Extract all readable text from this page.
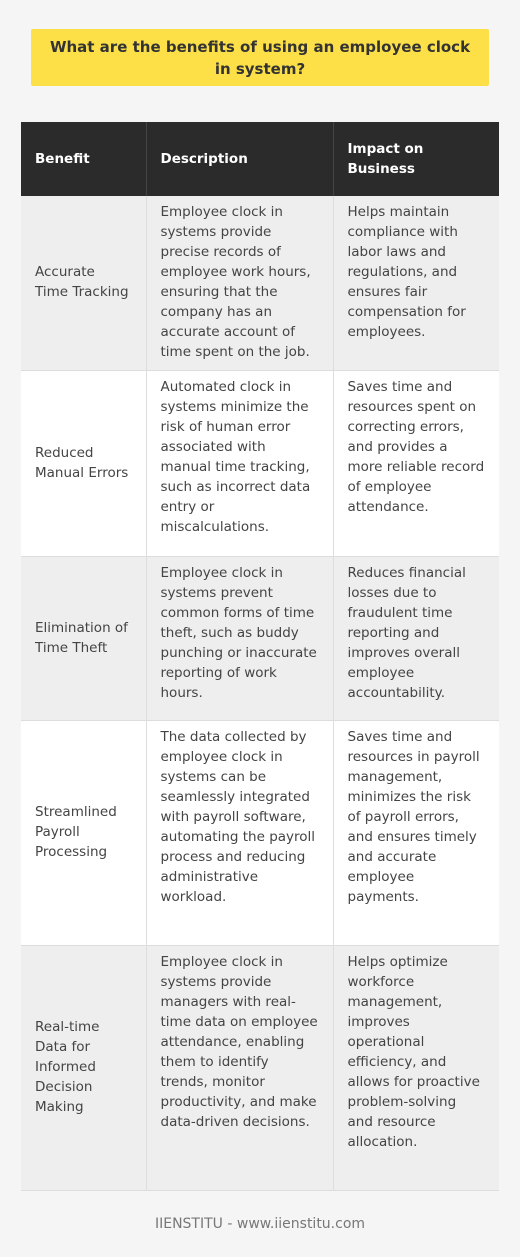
What are the benefits of using an employee clock in system?
Benefit	Description	Impact on Business
Accurate Time Tracking	Employee clock in systems provide precise records of employee work hours, ensuring that the company has an accurate account of time spent on the job.	Helps maintain compliance with labor laws and regulations, and ensures fair compensation for employees.
Reduced Manual Errors	Automated clock in systems minimize the risk of human error associated with manual time tracking, such as incorrect data entry or miscalculations.	Saves time and resources spent on correcting errors, and provides a more reliable record of employee attendance.
Elimination of Time Theft	Employee clock in systems prevent common forms of time theft, such as buddy punching or inaccurate reporting of work hours.	Reduces financial losses due to fraudulent time reporting and improves overall employee accountability.
Streamlined Payroll Processing	The data collected by employee clock in systems can be seamlessly integrated with payroll software, automating the payroll process and reducing administrative workload.	Saves time and resources in payroll management, minimizes the risk of payroll errors, and ensures timely and accurate employee payments.
Real-time Data for Informed Decision Making	Employee clock in systems provide managers with real-time data on employee attendance, enabling them to identify trends, monitor productivity, and make data-driven decisions.	Helps optimize workforce management, improves operational efficiency, and allows for proactive problem-solving and resource allocation.
IIENSTITU - www.iienstitu.com
